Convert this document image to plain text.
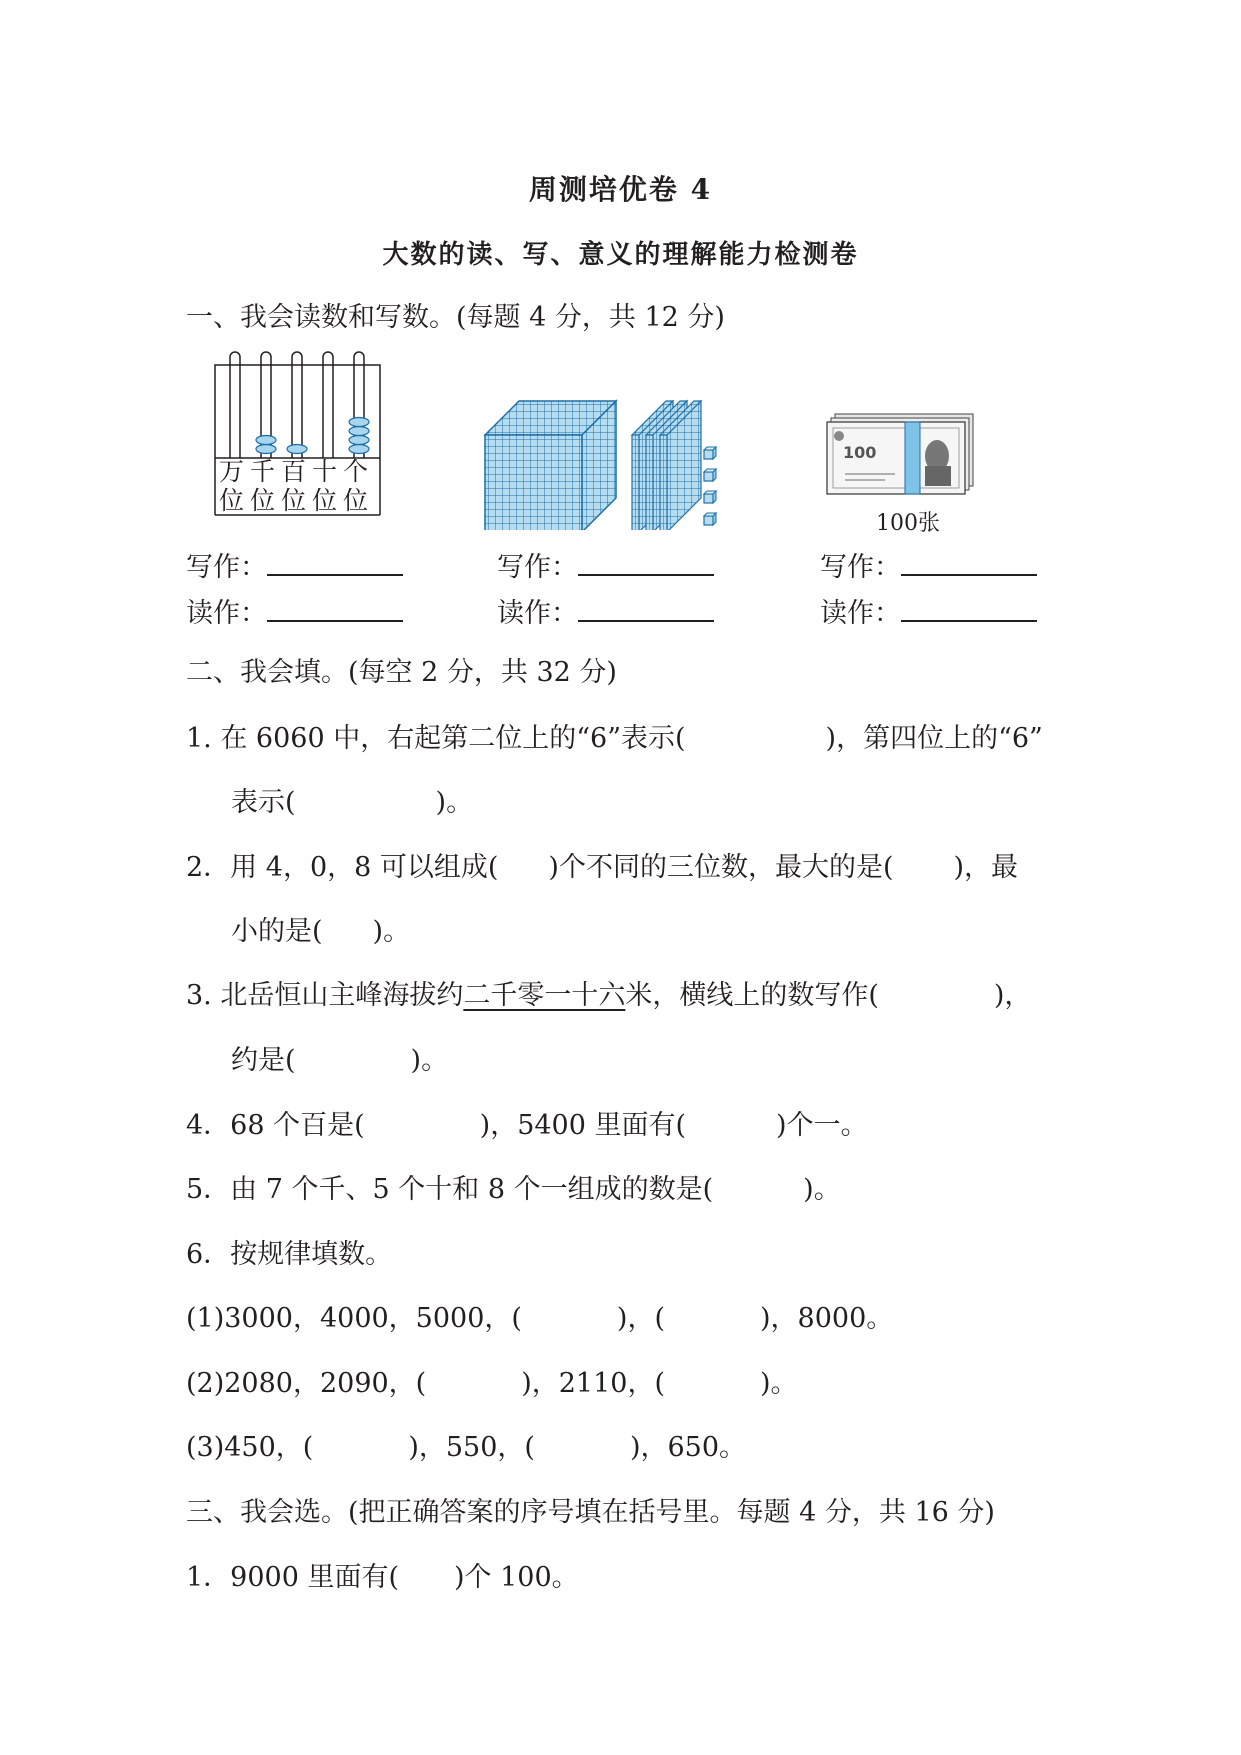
周测培优卷 4
大数的读、写、意义的理解能力检测卷
一、我会读数和写数。(每题 4 分，共 12 分)
万 千 百 十 个
位 位 位 位 位
100
100张
写作：	写作：	写作：
读作：	读作：	读作：
二、我会填。(每空 2 分，共 32 分)
1. 在 6060 中，右起第二位上的“6”表示(	)，第四位上的“6”
表示(	)。
2．用 4，0，8 可以组成( )个不同的三位数，最大的是( )，最
小的是( )。
3. 北岳恒山主峰海拔约二千零一十六米，横线上的数写作(	)，
约是(	)。
4．68 个百是(	)，5400 里面有(	)个一。
5．由 7 个千、5 个十和 8 个一组成的数是(	)。
6．按规律填数。
(1)3000，4000，5000，(	)，(	)，8000。
(2)2080，2090，(	)，2110，(	)。
(3)450，(	)，550，(	)，650。
三、我会选。(把正确答案的序号填在括号里。每题 4 分，共 16 分)
1．9000 里面有( )个 100。
